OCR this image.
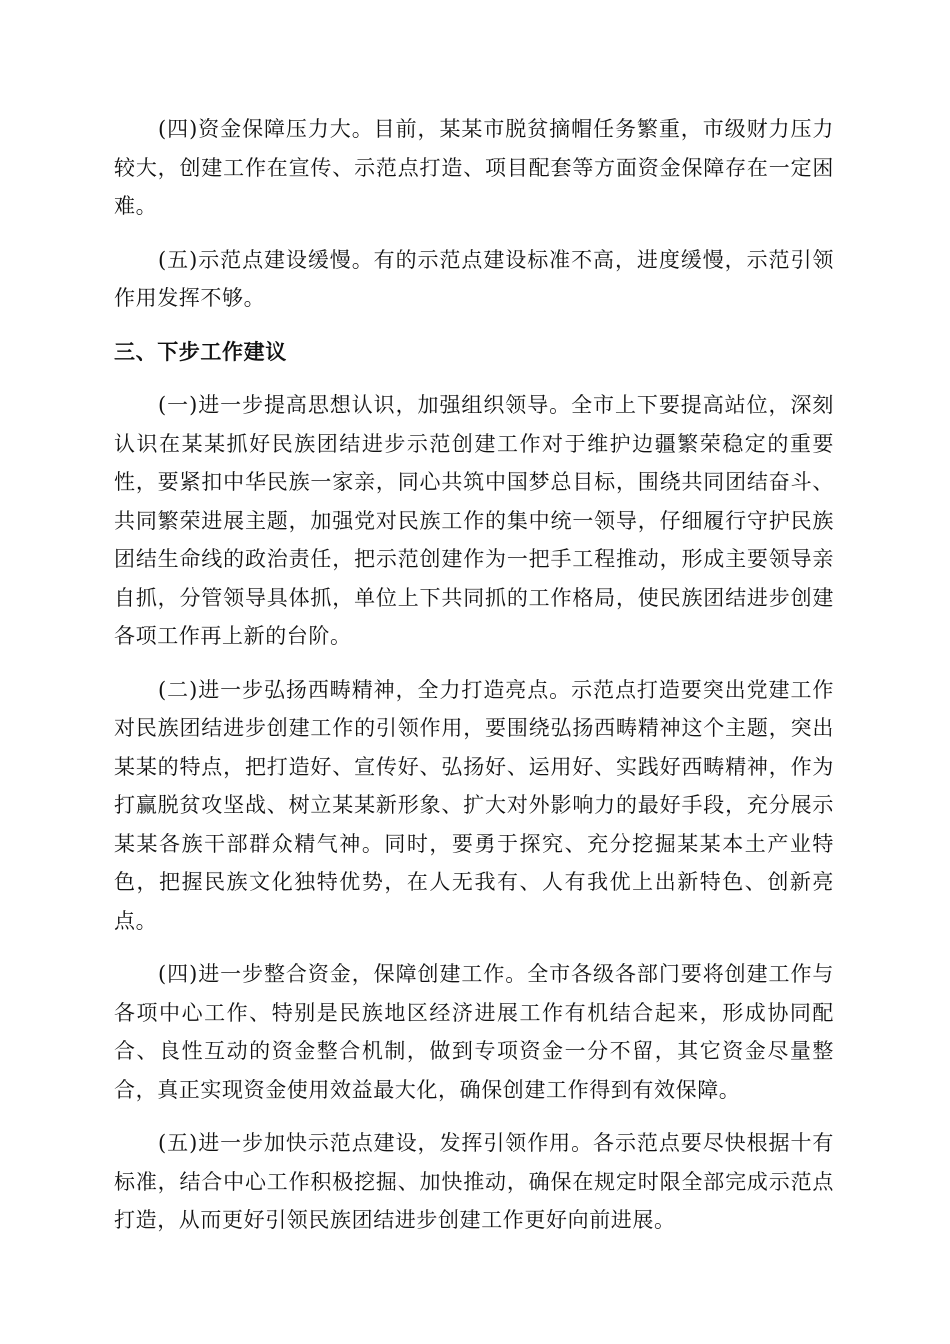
(四)资金保障压力大。目前，某某市脱贫摘帽任务繁重，市级财力压力较大，创建工作在宣传、示范点打造、项目配套等方面资金保障存在一定困难。

(五)示范点建设缓慢。有的示范点建设标准不高，进度缓慢，示范引领作用发挥不够。

三、下步工作建议

(一)进一步提高思想认识，加强组织领导。全市上下要提高站位，深刻认识在某某抓好民族团结进步示范创建工作对于维护边疆繁荣稳定的重要性，要紧扣中华民族一家亲，同心共筑中国梦总目标，围绕共同团结奋斗、共同繁荣进展主题，加强党对民族工作的集中统一领导，仔细履行守护民族团结生命线的政治责任，把示范创建作为一把手工程推动，形成主要领导亲自抓，分管领导具体抓，单位上下共同抓的工作格局，使民族团结进步创建各项工作再上新的台阶。

(二)进一步弘扬西畴精神，全力打造亮点。示范点打造要突出党建工作对民族团结进步创建工作的引领作用，要围绕弘扬西畴精神这个主题，突出某某的特点，把打造好、宣传好、弘扬好、运用好、实践好西畴精神，作为打赢脱贫攻坚战、树立某某新形象、扩大对外影响力的最好手段，充分展示某某各族干部群众精气神。同时，要勇于探究、充分挖掘某某本土产业特色，把握民族文化独特优势，在人无我有、人有我优上出新特色、创新亮点。

(四)进一步整合资金，保障创建工作。全市各级各部门要将创建工作与各项中心工作、特别是民族地区经济进展工作有机结合起来，形成协同配合、良性互动的资金整合机制，做到专项资金一分不留，其它资金尽量整合，真正实现资金使用效益最大化，确保创建工作得到有效保障。

(五)进一步加快示范点建设，发挥引领作用。各示范点要尽快根据十有标准，结合中心工作积极挖掘、加快推动，确保在规定时限全部完成示范点打造，从而更好引领民族团结进步创建工作更好向前进展。
